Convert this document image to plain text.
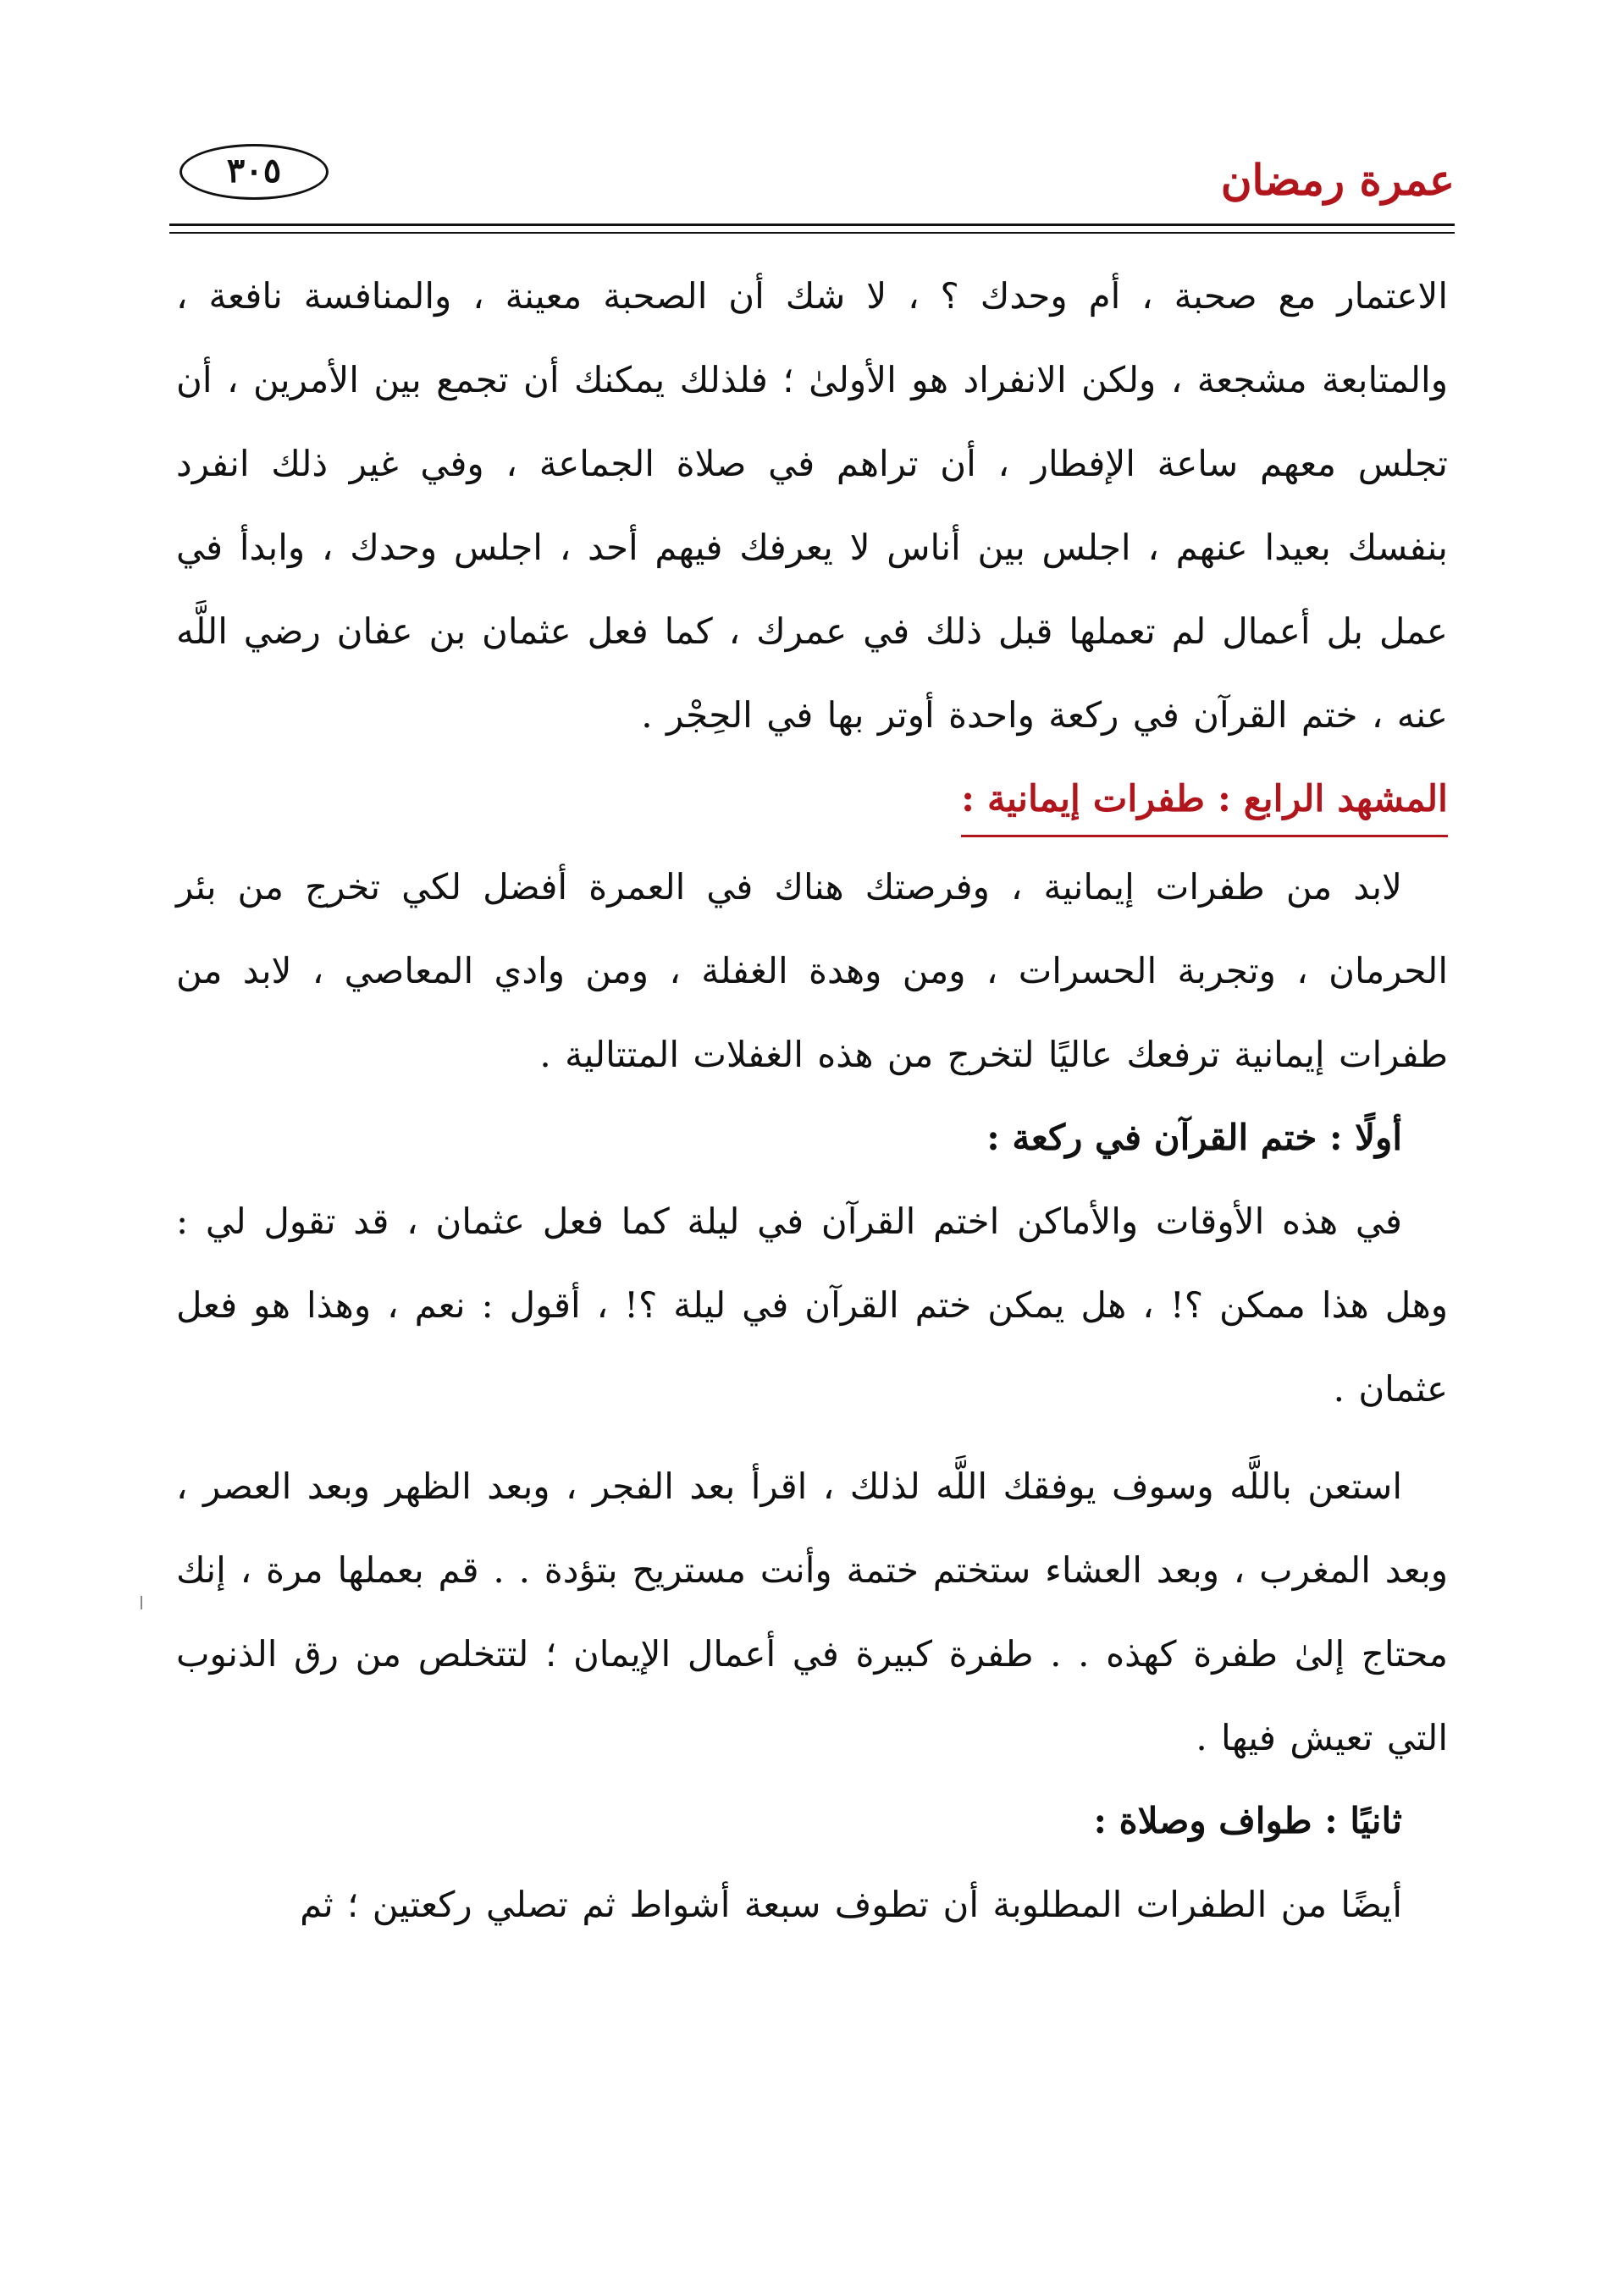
عمرة رمضان
٣٠٥

الاعتمار مع صحبة ، أم وحدك ؟ ، لا شك أن الصحبة معينة ، والمنافسة نافعة ، والمتابعة مشجعة ، ولكن الانفراد هو الأولىٰ ؛ فلذلك يمكنك أن تجمع بين الأمرين ، أن تجلس معهم ساعة الإفطار ، أن تراهم في صلاة الجماعة ، وفي غير ذلك انفرد بنفسك بعيدا عنهم ، اجلس بين أناس لا يعرفك فيهم أحد ، اجلس وحدك ، وابدأ في عمل بل أعمال لم تعملها قبل ذلك في عمرك ، كما فعل عثمان بن عفان رضي اللَّه عنه ، ختم القرآن في ركعة واحدة أوتر بها في الحِجْر .

المشهد الرابع : طفرات إيمانية :

لابد من طفرات إيمانية ، وفرصتك هناك في العمرة أفضل لكي تخرج من بئر الحرمان ، وتجربة الحسرات ، ومن وهدة الغفلة ، ومن وادي المعاصي ، لابد من طفرات إيمانية ترفعك عاليًا لتخرج من هذه الغفلات المتتالية .

أولًا : ختم القرآن في ركعة :

في هذه الأوقات والأماكن اختم القرآن في ليلة كما فعل عثمان ، قد تقول لي : وهل هذا ممكن ؟! ، هل يمكن ختم القرآن في ليلة ؟! ، أقول : نعم ، وهذا هو فعل عثمان .

استعن باللَّه وسوف يوفقك اللَّه لذلك ، اقرأ بعد الفجر ، وبعد الظهر وبعد العصر ، وبعد المغرب ، وبعد العشاء ستختم ختمة وأنت مستريح بتؤدة . . قم بعملها مرة ، إنك محتاج إلىٰ طفرة كهذه . . طفرة كبيرة في أعمال الإيمان ؛ لتتخلص من رق الذنوب التي تعيش فيها .

ثانيًا : طواف وصلاة :

أيضًا من الطفرات المطلوبة أن تطوف سبعة أشواط ثم تصلي ركعتين ؛ ثم
